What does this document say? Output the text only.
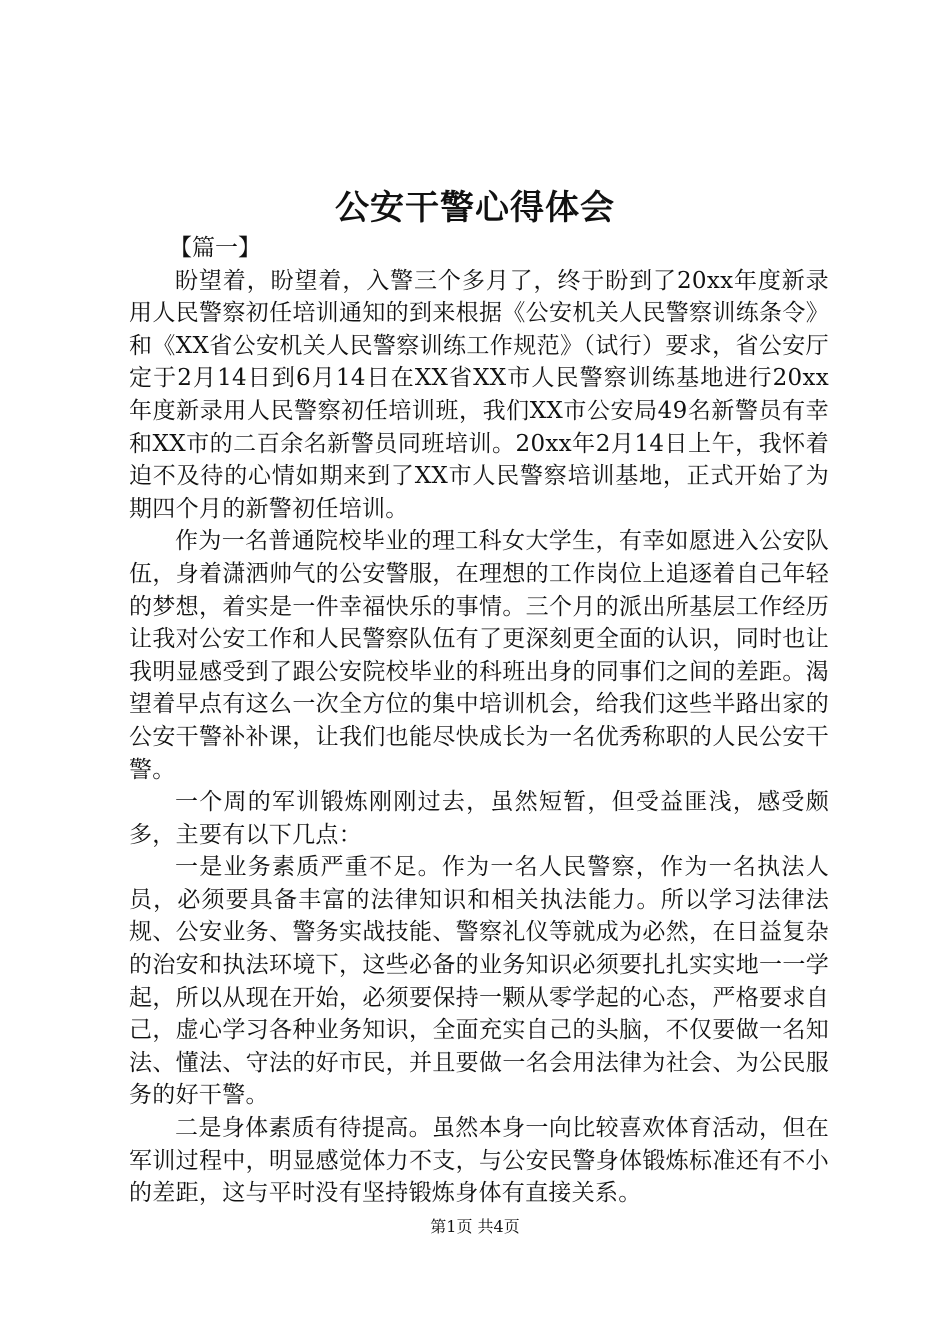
公安干警心得体会

【篇一】

盼望着，盼望着，入警三个多月了，终于盼到了20xx年度新录用人民警察初任培训通知的到来根据《公安机关人民警察训练条令》和《XX省公安机关人民警察训练工作规范》（试行）要求，省公安厅定于2月14日到6月14日在XX省XX市人民警察训练基地进行20xx年度新录用人民警察初任培训班，我们XX市公安局49名新警员有幸和XX市的二百余名新警员同班培训。20xx年2月14日上午，我怀着迫不及待的心情如期来到了XX市人民警察培训基地，正式开始了为期四个月的新警初任培训。

作为一名普通院校毕业的理工科女大学生，有幸如愿进入公安队伍，身着潇洒帅气的公安警服，在理想的工作岗位上追逐着自己年轻的梦想，着实是一件幸福快乐的事情。三个月的派出所基层工作经历让我对公安工作和人民警察队伍有了更深刻更全面的认识，同时也让我明显感受到了跟公安院校毕业的科班出身的同事们之间的差距。渴望着早点有这么一次全方位的集中培训机会，给我们这些半路出家的公安干警补补课，让我们也能尽快成长为一名优秀称职的人民公安干警。

一个周的军训锻炼刚刚过去，虽然短暂，但受益匪浅，感受颇多，主要有以下几点：

一是业务素质严重不足。作为一名人民警察，作为一名执法人员，必须要具备丰富的法律知识和相关执法能力。所以学习法律法规、公安业务、警务实战技能、警察礼仪等就成为必然，在日益复杂的治安和执法环境下，这些必备的业务知识必须要扎扎实实地一一学起，所以从现在开始，必须要保持一颗从零学起的心态，严格要求自己，虚心学习各种业务知识，全面充实自己的头脑，不仅要做一名知法、懂法、守法的好市民，并且要做一名会用法律为社会、为公民服务的好干警。

二是身体素质有待提高。虽然本身一向比较喜欢体育活动，但在军训过程中，明显感觉体力不支，与公安民警身体锻炼标准还有不小的差距，这与平时没有坚持锻炼身体有直接关系。

第1页 共4页
